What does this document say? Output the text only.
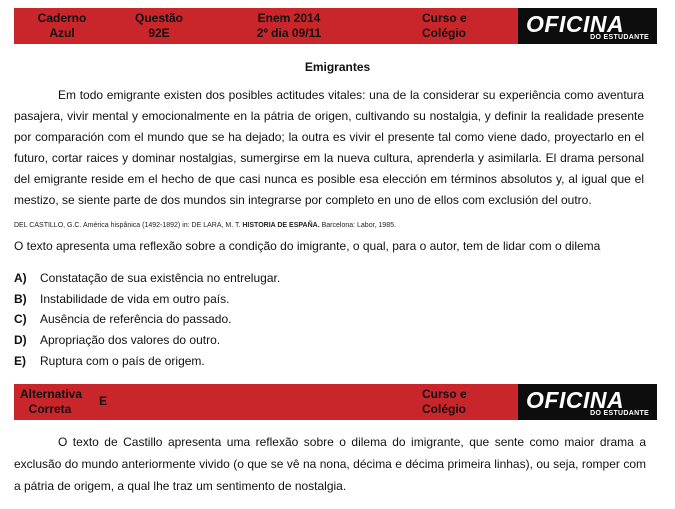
Caderno
Azul
Questão
92E
Enem 2014
2º dia 09/11
Curso e
Colégio	OFICINA
DO ESTUDANTE
Emigrantes

Em todo emigrante existen dos posibles actitudes vitales: una de la considerar su experiência como aventura pasajera, vivir mental y emocionalmente en la pátria de origen, cultivando su nostalgia, y definir la realidade presente por comparación com el mundo que se ha dejado; la outra es vivir el presente tal como viene dado, proyectarlo en el futuro, cortar raices y dominar nostalgias, sumergirse em la nueva cultura, aprenderla y asimilarla. El drama personal del emigrante reside em el hecho de que casi nunca es posible esa elección em términos absolutos y, al igual que el mestizo, se siente parte de dos mundos sin integrarse por completo en uno de ellos com exclusión del outro.

DEL CASTILLO, G.C. América hispânica (1492-1892) in: DE LARA, M. T. HISTORIA DE ESPAÑA. Barcelona: Labor, 1985.
O texto apresenta uma reflexão sobre a condição do imigrante, o qual, para o autor, tem de lidar com o dilema
A) Constatação de sua existência no entrelugar.
B) Instabilidade de vida em outro país.
C) Ausência de referência do passado.
D) Apropriação dos valores do outro.
E) Ruptura com o país de origem.
Alternativa
Correta
E	Curso e
Colégio	OFICINA
DO ESTUDANTE

O texto de Castillo apresenta uma reflexão sobre o dilema do imigrante, que sente como maior drama a exclusão do mundo anteriormente vivido (o que se vê na nona, décima e décima primeira linhas), ou seja, romper com a pátria de origem, a qual lhe traz um sentimento de nostalgia.
